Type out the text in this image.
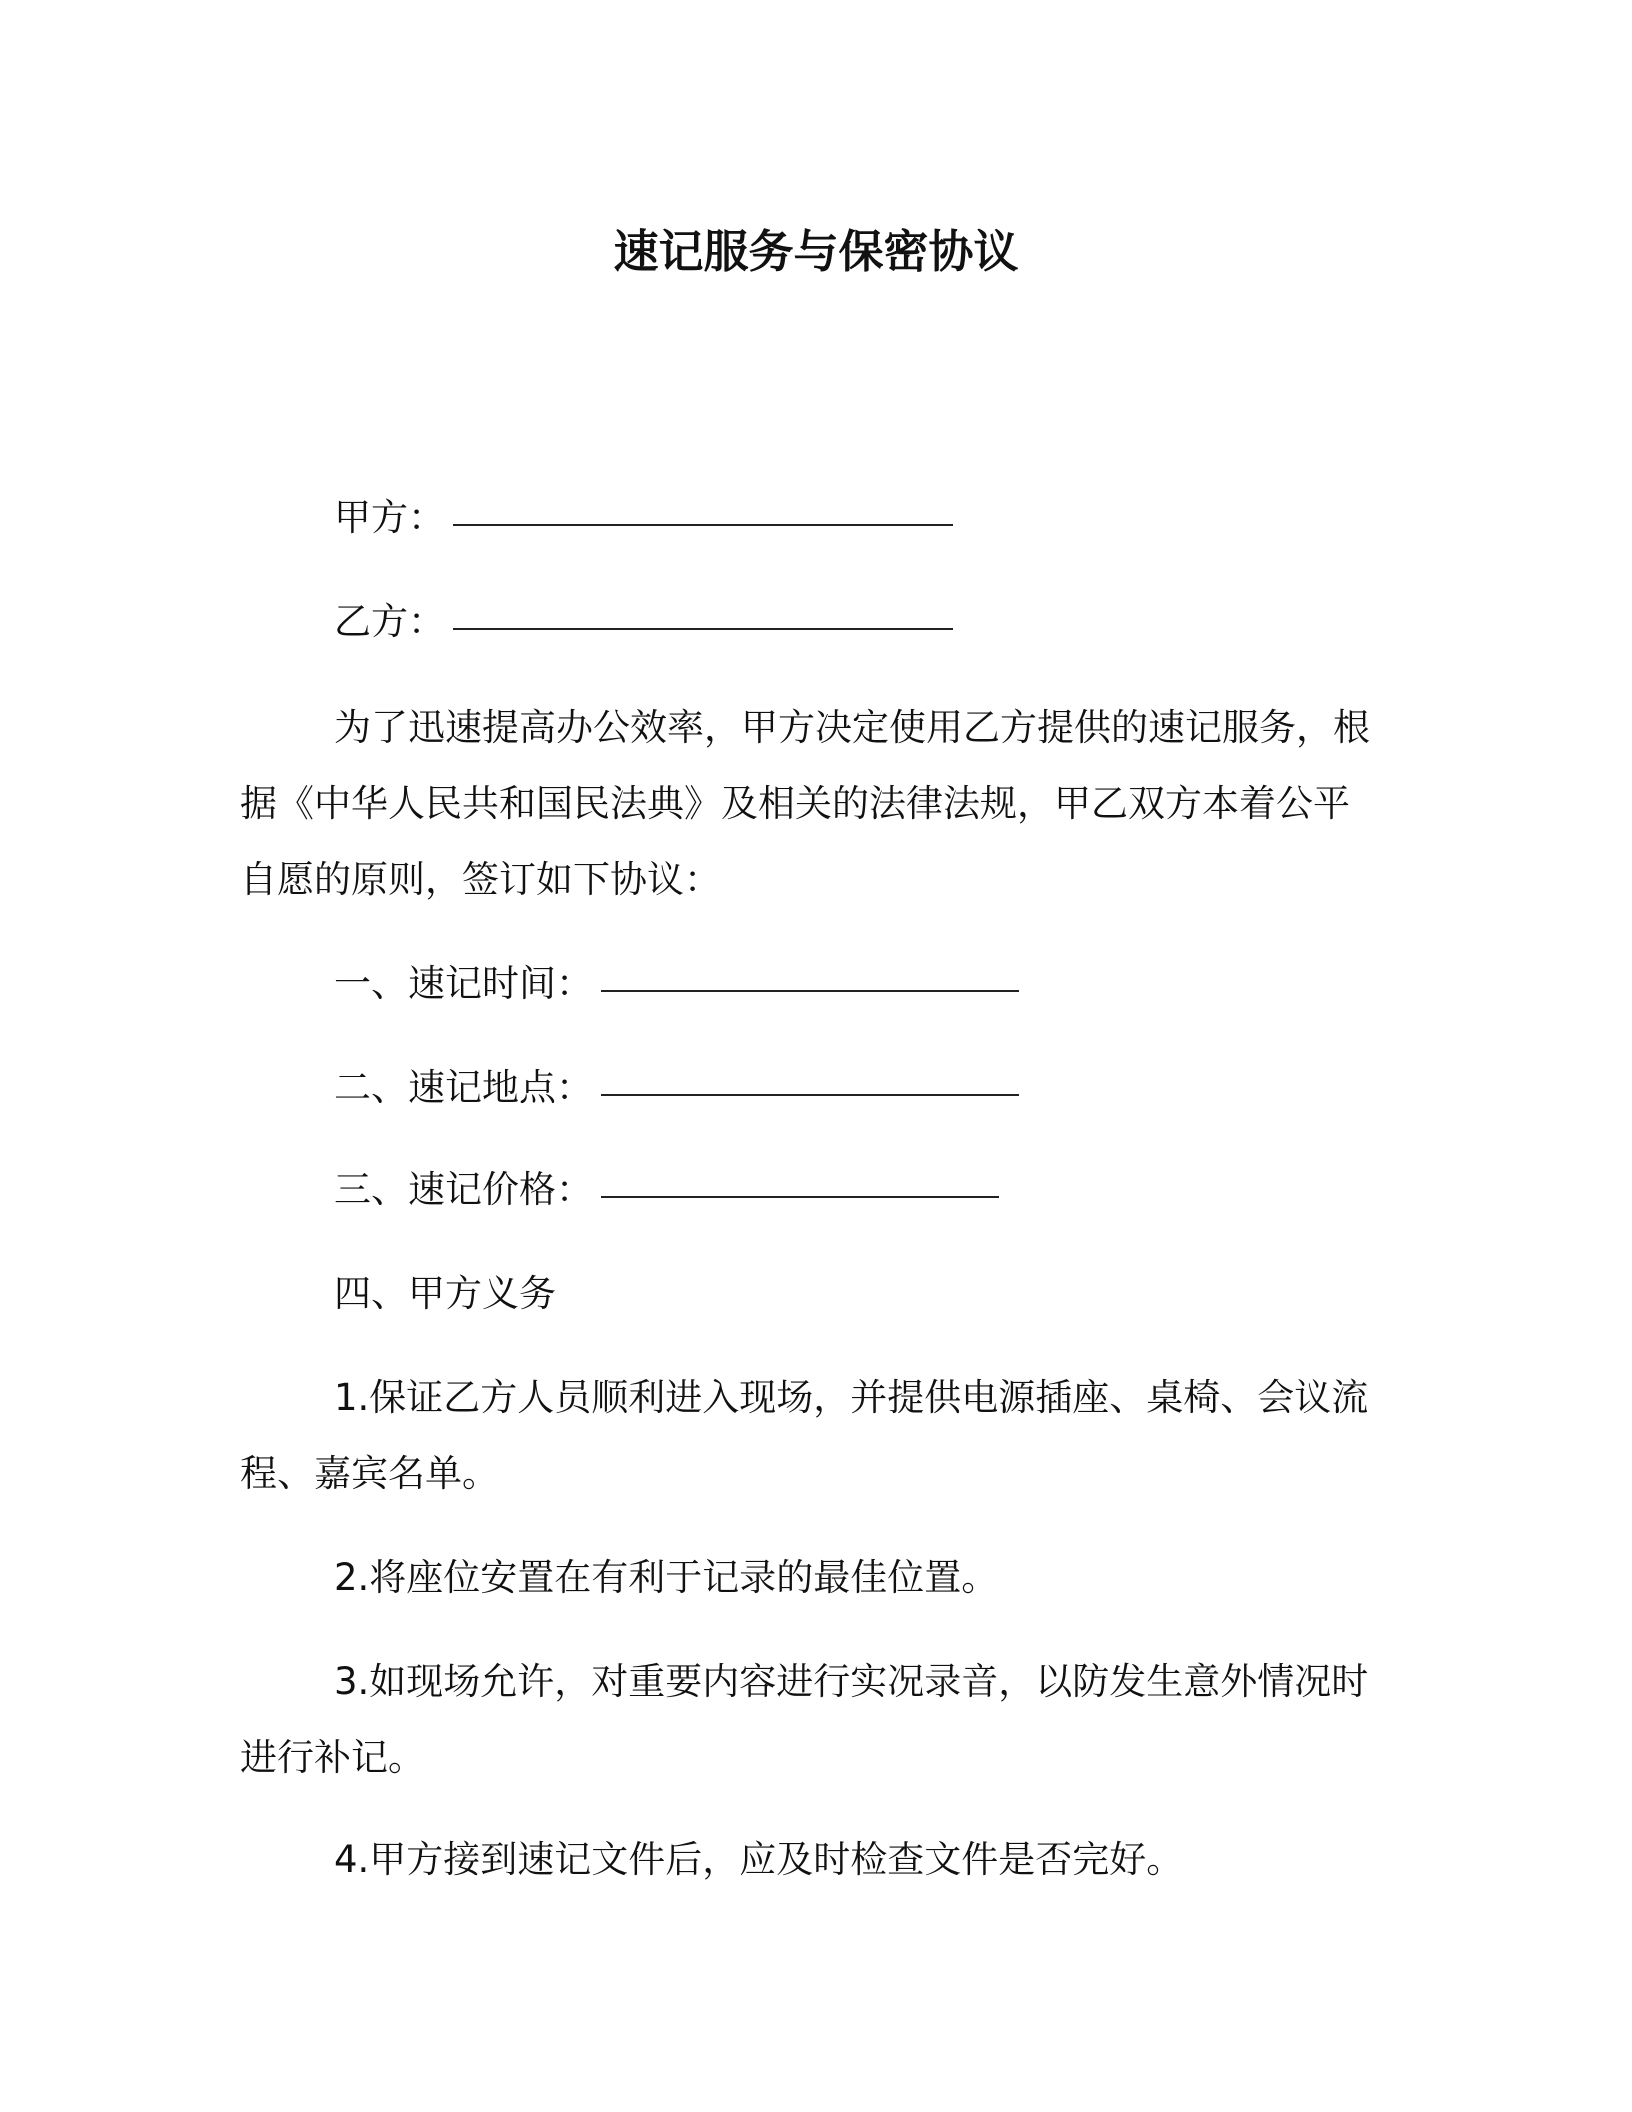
速记服务与保密协议
甲方：
乙方：
为了迅速提高办公效率，甲方决定使用乙方提供的速记服务，根
据《中华人民共和国民法典》及相关的法律法规，甲乙双方本着公平
自愿的原则，签订如下协议：
一、速记时间：
二、速记地点：
三、速记价格：
四、甲方义务
1.保证乙方人员顺利进入现场，并提供电源插座、桌椅、会议流
程、嘉宾名单。
2.将座位安置在有利于记录的最佳位置。
3.如现场允许，对重要内容进行实况录音，以防发生意外情况时
进行补记。
4.甲方接到速记文件后，应及时检查文件是否完好。
